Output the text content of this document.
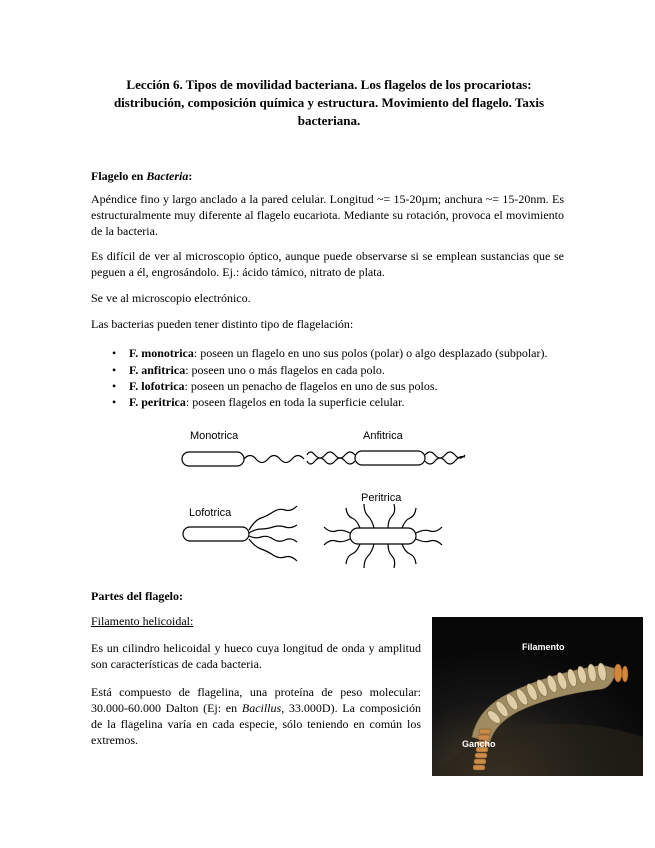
Lección 6. Tipos de movilidad bacteriana. Los flagelos de los procariotas: distribución, composición química y estructura. Movimiento del flagelo. Taxis bacteriana.
Flagelo en Bacteria:
Apéndice fino y largo anclado a la pared celular. Longitud ~= 15-20µm; anchura ~= 15-20nm. Es estructuralmente muy diferente al flagelo eucariota. Mediante su rotación, provoca el movimiento de la bacteria.
Es difícil de ver al microscopio óptico, aunque puede observarse si se emplean sustancias que se peguen a él, engrosándolo. Ej.: ácido támico, nitrato de plata.
Se ve al microscopio electrónico.
Las bacterias pueden tener distinto tipo de flagelación:
• F. monotrica: poseen un flagelo en uno sus polos (polar) o algo desplazado (subpolar).
• F. anfitrica: poseen uno o más flagelos en cada polo.
• F. lofotrica: poseen un penacho de flagelos en uno de sus polos.
• F. peritrica: poseen flagelos en toda la superficie celular.
Monotrica	Anfitrica
Lofotrica
Peritrica
Partes del flagelo:
Filamento helicoidal:
Es un cilindro helicoidal y hueco cuya longitud de onda y amplitud son características de cada bacteria.
Está compuesto de flagelina, una proteína de peso molecular: 30.000-60.000 Dalton (Ej: en Bacillus, 33.000D). La composición de la flagelina varía en cada especie, sólo teniendo en común los extremos.
Filamento
Gancho
